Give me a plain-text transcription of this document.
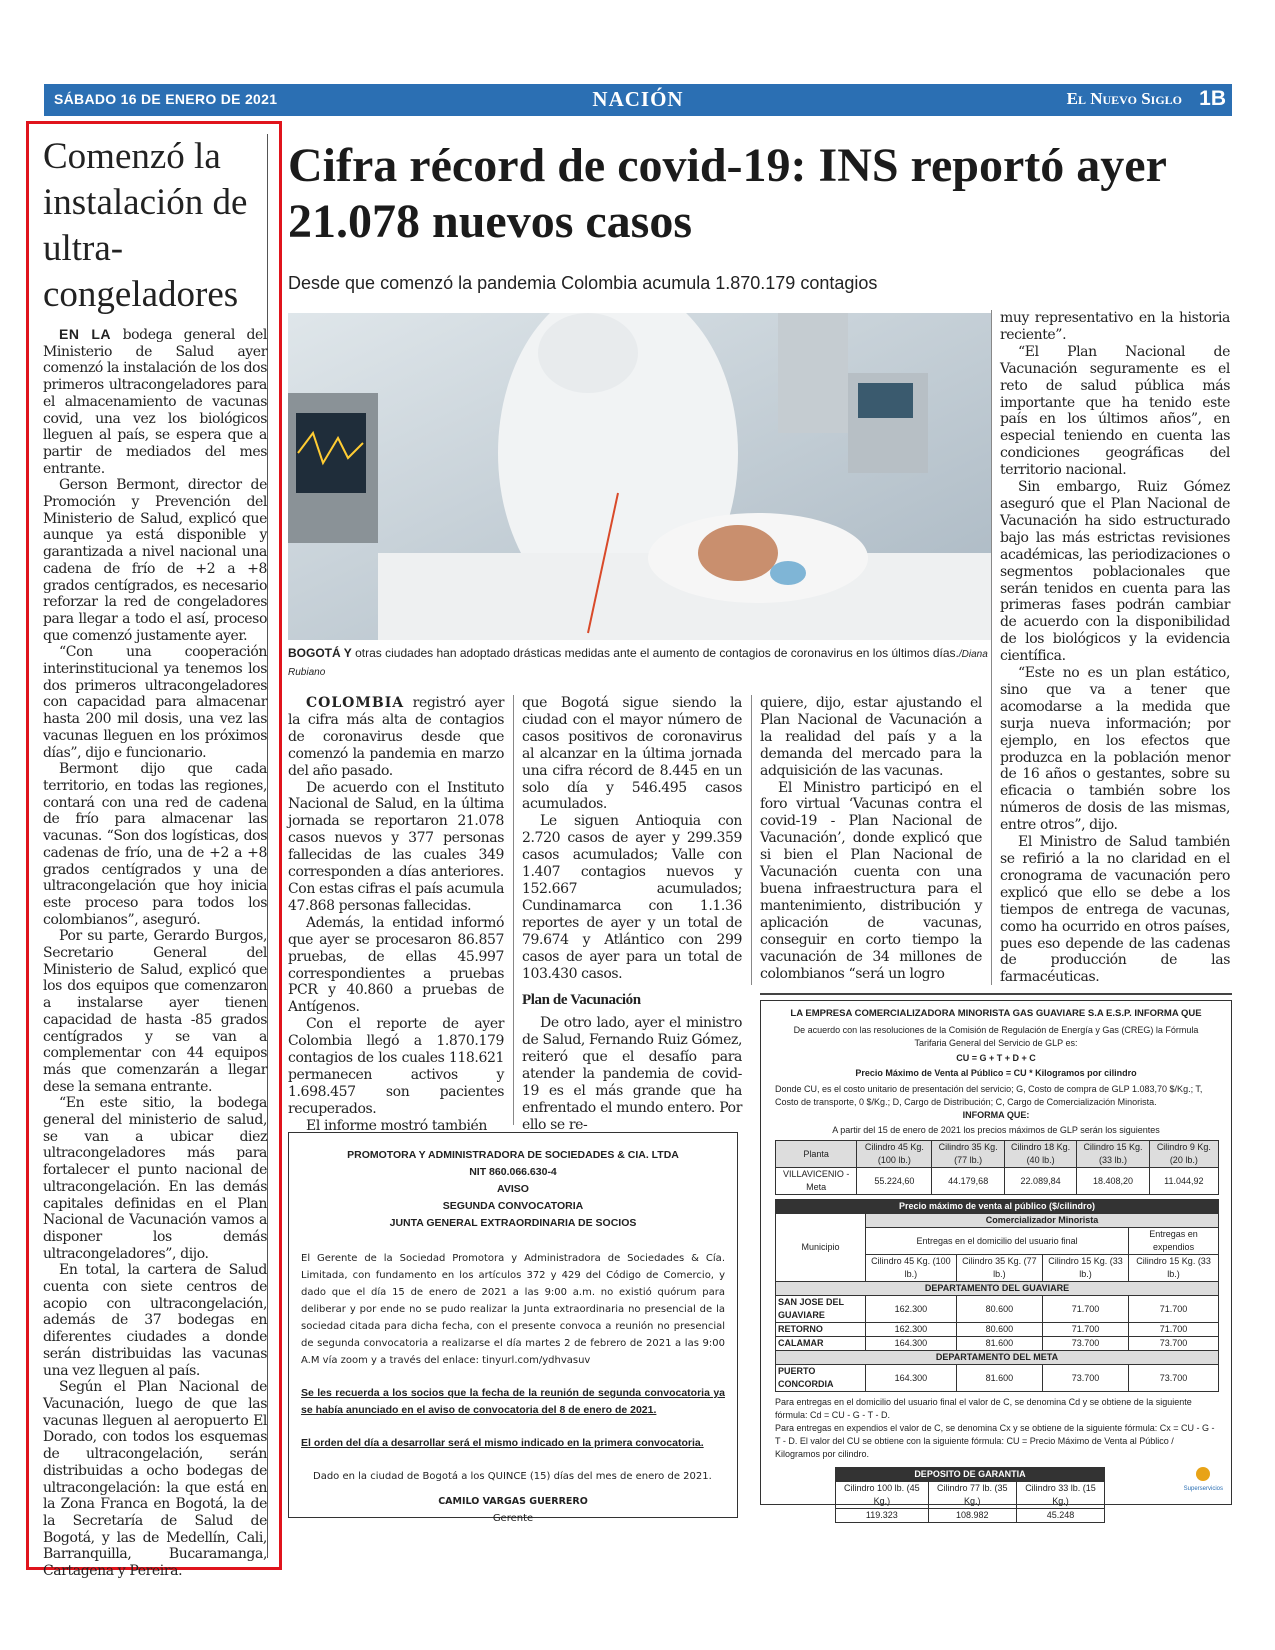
SÁBADO 16 DE ENERO DE 2021	NACIÓN	El Nuevo Siglo 1B
Comenzó la instalación de ultra-congeladores

EN LA bodega general del Ministerio de Salud ayer comenzó la instalación de los dos primeros ultracongeladores para el almacenamiento de vacunas covid, una vez los biológicos lleguen al país, se espera que a partir de mediados del mes entrante.

Gerson Bermont, director de Promoción y Prevención del Ministerio de Salud, explicó que aunque ya está disponible y garantizada a nivel nacional una cadena de frío de +2 a +8 grados centígrados, es necesario reforzar la red de congeladores para llegar a todo el así, proceso que comenzó justamente ayer.

“Con una cooperación interinstitucional ya tenemos los dos primeros ultracongeladores con capacidad para almacenar hasta 200 mil dosis, una vez las vacunas lleguen en los próximos días”, dijo e funcionario.

Bermont dijo que cada territorio, en todas las regiones, contará con una red de cadena de frío para almacenar las vacunas. “Son dos logísticas, dos cadenas de frío, una de +2 a +8 grados centígrados y una de ultracongelación que hoy inicia este proceso para todos los colombianos”, aseguró.

Por su parte, Gerardo Burgos, Secretario General del Ministerio de Salud, explicó que los dos equipos que comenzaron a instalarse ayer tienen capacidad de hasta -85 grados centígrados y se van a complementar con 44 equipos más que comenzarán a llegar dese la semana entrante.

“En este sitio, la bodega general del ministerio de salud, se van a ubicar diez ultracongeladores más para fortalecer el punto nacional de ultracongelación. En las demás capitales definidas en el Plan Nacional de Vacunación vamos a disponer los demás ultracongeladores”, dijo.

En total, la cartera de Salud cuenta con siete centros de acopio con ultracongelación, además de 37 bodegas en diferentes ciudades a donde serán distribuidas las vacunas una vez lleguen al país.

Según el Plan Nacional de Vacunación, luego de que las vacunas lleguen al aeropuerto El Dorado, con todos los esquemas de ultracongelación, serán distribuidas a ocho bodegas de ultracongelación: la que está en la Zona Franca en Bogotá, la de la Secretaría de Salud de Bogotá, y las de Medellín, Cali, Barranquilla, Bucaramanga, Cartagena y Pereira.

Cifra récord de covid-19: INS reportó ayer 21.078 nuevos casos
Desde que comenzó la pandemia Colombia acumula 1.870.179 contagios
BOGOTÁ Y otras ciudades han adoptado drásticas medidas ante el aumento de contagios de coronavirus en los últimos días./Diana Rubiano

COLOMBIA registró ayer la cifra más alta de contagios de coronavirus desde que comenzó la pandemia en marzo del año pasado.

De acuerdo con el Instituto Nacional de Salud, en la última jornada se reportaron 21.078 casos nuevos y 377 personas fallecidas de las cuales 349 corresponden a días anteriores. Con estas cifras el país acumula 47.868 personas fallecidas.

Además, la entidad informó que ayer se procesaron 86.857 pruebas, de ellas 45.997 correspondientes a pruebas PCR y 40.860 a pruebas de Antígenos.

Con el reporte de ayer Colombia llegó a 1.870.179 contagios de los cuales 118.621 permanecen activos y 1.698.457 son pacientes recuperados.

El informe mostró también

que Bogotá sigue siendo la ciudad con el mayor número de casos positivos de coronavirus al alcanzar en la última jornada una cifra récord de 8.445 en un solo día y 546.495 casos acumulados.

Le siguen Antioquia con 2.720 casos de ayer y 299.359 casos acumulados; Valle con 1.407 contagios nuevos y 152.667 acumulados; Cundinamarca con 1.1.36 reportes de ayer y un total de 79.674 y Atlántico con 299 casos de ayer para un total de 103.430 casos.

Plan de Vacunación

De otro lado, ayer el ministro de Salud, Fernando Ruiz Gómez, reiteró que el desafío para atender la pandemia de covid-19 es el más grande que ha enfrentado el mundo entero. Por ello se re-

quiere, dijo, estar ajustando el Plan Nacional de Vacunación a la realidad del país y a la demanda del mercado para la adquisición de las vacunas.

El Ministro participó en el foro virtual ‘Vacunas contra el covid-19 - Plan Nacional de Vacunación’, donde explicó que si bien el Plan Nacional de Vacunación cuenta con una buena infraestructura para el mantenimiento, distribución y aplicación de vacunas, conseguir en corto tiempo la vacunación de 34 millones de colombianos “será un logro

muy representativo en la historia reciente”.

“El Plan Nacional de Vacunación seguramente es el reto de salud pública más importante que ha tenido este país en los últimos años”, en especial teniendo en cuenta las condiciones geográficas del territorio nacional.

Sin embargo, Ruiz Gómez aseguró que el Plan Nacional de Vacunación ha sido estructurado bajo las más estrictas revisiones académicas, las periodizaciones o segmentos poblacionales que serán tenidos en cuenta para las primeras fases podrán cambiar de acuerdo con la disponibilidad de los biológicos y la evidencia científica.

“Este no es un plan estático, sino que va a tener que acomodarse a la medida que surja nueva información; por ejemplo, en los efectos que produzca en la población menor de 16 años o gestantes, sobre su eficacia o también sobre los números de dosis de las mismas, entre otros”, dijo.

El Ministro de Salud también se refirió a la no claridad en el cronograma de vacunación pero explicó que ello se debe a los tiempos de entrega de vacunas, como ha ocurrido en otros países, pues eso depende de las cadenas de producción de las farmacéuticas.

PROMOTORA Y ADMINISTRADORA DE SOCIEDADES & CIA. LTDA
NIT 860.066.630-4
AVISO
SEGUNDA CONVOCATORIA
JUNTA GENERAL EXTRAORDINARIA DE SOCIOS

El Gerente de la Sociedad Promotora y Administradora de Sociedades & Cía. Limitada, con fundamento en los artículos 372 y 429 del Código de Comercio, y dado que el día 15 de enero de 2021 a las 9:00 a.m. no existió quórum para deliberar y por ende no se pudo realizar la Junta extraordinaria no presencial de la sociedad citada para dicha fecha, con el presente convoca a reunión no presencial de segunda convocatoria a realizarse el día martes 2 de febrero de 2021 a las 9:00 A.M vía zoom y a través del enlace: tinyurl.com/ydhvasuv

Se les recuerda a los socios que la fecha de la reunión de segunda convocatoria ya se había anunciado en el aviso de convocatoria del 8 de enero de 2021.

El orden del día a desarrollar será el mismo indicado en la primera convocatoria.

Dado en la ciudad de Bogotá a los QUINCE (15) días del mes de enero de 2021.

CAMILO VARGAS GUERRERO

Gerente

LA EMPRESA COMERCIALIZADORA MINORISTA GAS GUAVIARE S.A E.S.P. INFORMA QUE
De acuerdo con las resoluciones de la Comisión de Regulación de Energía y Gas (CREG) la Fórmula
Tarifaria General del Servicio de GLP es:
CU = G + T + D + C
Precio Máximo de Venta al Público = CU * Kilogramos por cilindro
Donde CU, es el costo unitario de presentación del servicio; G, Costo de compra de GLP 1.083,70 $/Kg.; T, Costo de transporte, 0 $/Kg.; D, Cargo de Distribución; C, Cargo de Comercialización Minorista.
INFORMA QUE:
A partir del 15 de enero de 2021 los precios máximos de GLP serán los siguientes
Planta	Cilindro 45 Kg. (100 lb.)	Cilindro 35 Kg. (77 lb.)	Cilindro 18 Kg. (40 lb.)	Cilindro 15 Kg. (33 lb.)	Cilindro 9 Kg. (20 lb.)
VILLAVICENIO - Meta	55.224,60	44.179,68	22.089,84	18.408,20	11.044,92
Precio máximo de venta al público ($/cilindro)				
Municipio	Comercializador Minorista			
	Entregas en el domicilio del usuario final			Entregas en expendios
	Cilindro 45 Kg. (100 lb.)	Cilindro 35 Kg. (77 lb.)	Cilindro 15 Kg. (33 lb.)	Cilindro 15 Kg. (33 lb.)
DEPARTAMENTO DEL GUAVIARE				
SAN JOSE DEL GUAVIARE	162.300	80.600	71.700	71.700
RETORNO	162.300	80.600	71.700	71.700
CALAMAR	164.300	81.600	73.700	73.700
DEPARTAMENTO DEL META				
PUERTO CONCORDIA	164.300	81.600	73.700	73.700
Para entregas en el domicilio del usuario final el valor de C, se denomina Cd y se obtiene de la siguiente fórmula: Cd = CU - G - T - D.
Para entregas en expendios el valor de C, se denomina Cx y se obtiene de la siguiente fórmula: Cx = CU - G - T - D. El valor del CU se obtiene con la siguiente fórmula: CU = Precio Máximo de Venta al Público / Kilogramos por cilindro.
DEPOSITO DE GARANTIA		
Cilindro 100 lb. (45 Kg.)	Cilindro 77 lb. (35 Kg.)	Cilindro 33 lb. (15 Kg.)
119.323	108.982	45.248
Superservicios
